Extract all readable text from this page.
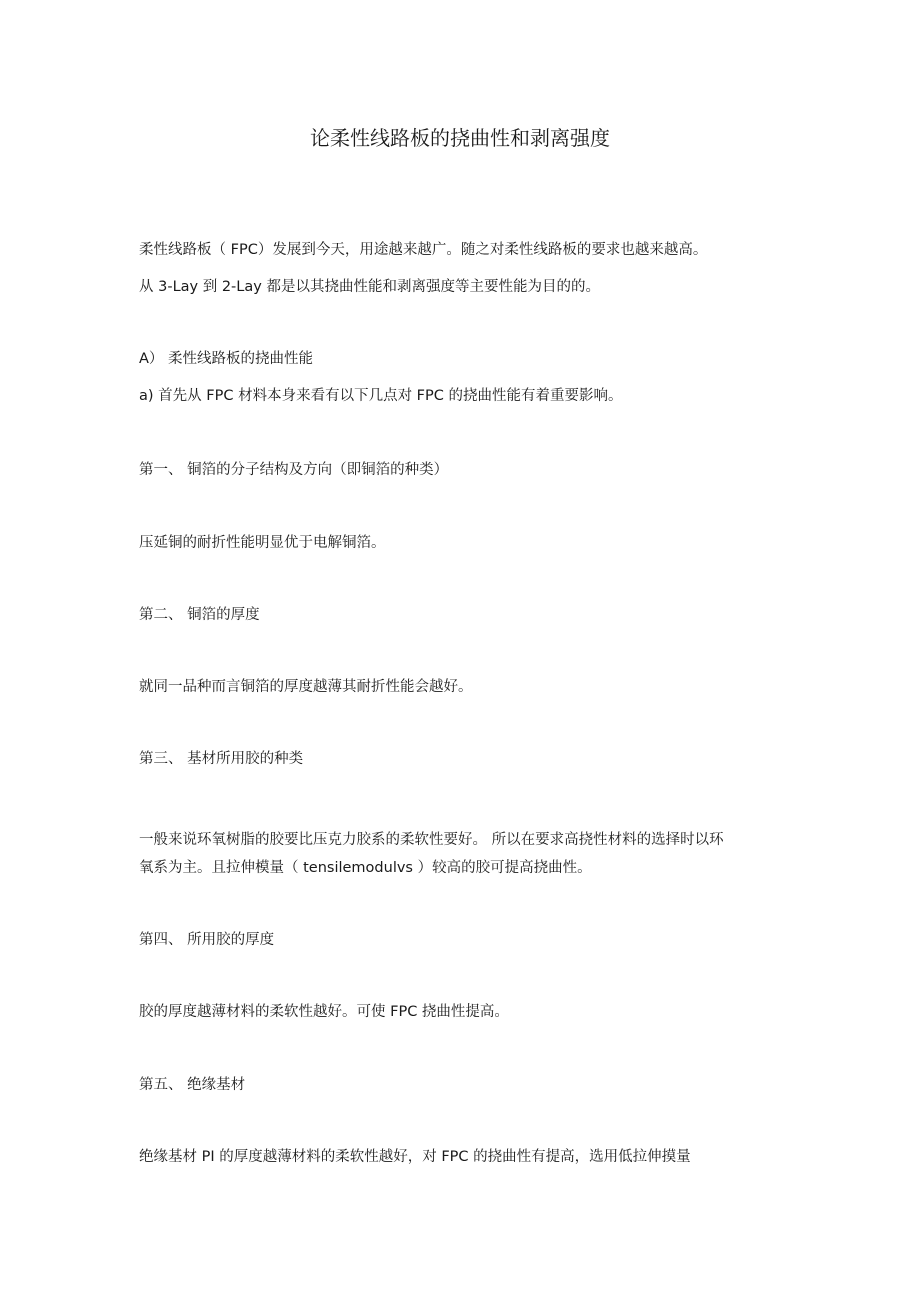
论柔性线路板的挠曲性和剥离强度
柔性线路板（ FPC）发展到今天，用途越来越广。随之对柔性线路板的要求也越来越高。
从 3-Lay 到 2-Lay 都是以其挠曲性能和剥离强度等主要性能为目的的。
A） 柔性线路板的挠曲性能
a) 首先从 FPC 材料本身来看有以下几点对 FPC 的挠曲性能有着重要影响。
第一、 铜箔的分子结构及方向（即铜箔的种类）
压延铜的耐折性能明显优于电解铜箔。
第二、 铜箔的厚度
就同一品种而言铜箔的厚度越薄其耐折性能会越好。
第三、 基材所用胶的种类
一般来说环氧树脂的胶要比压克力胶系的柔软性要好。 所以在要求高挠性材料的选择时以环
氧系为主。且拉伸模量（ tensilemodulvs ）较高的胶可提高挠曲性。
第四、 所用胶的厚度
胶的厚度越薄材料的柔软性越好。可使 FPC 挠曲性提高。
第五、 绝缘基材
绝缘基材 PI 的厚度越薄材料的柔软性越好，对 FPC 的挠曲性有提高，选用低拉伸摸量
